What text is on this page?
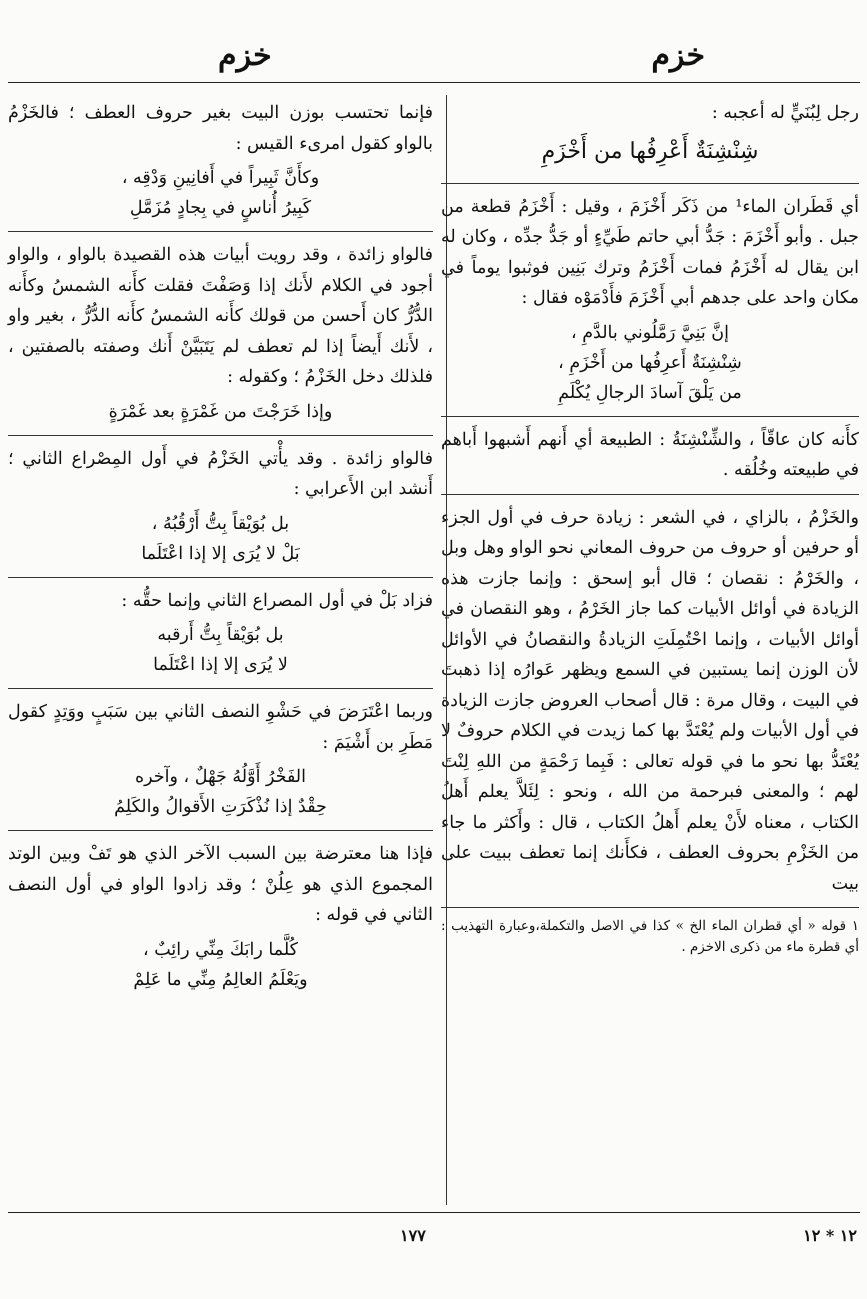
خزم
خزم

رجل لِبُنَيٍّ له أعجبه :

شِنْشِنَةٌ أَعْرِفُها من أَخْزَمِ

أي قَطَران الماء¹ من ذَكَر أَخْزَمَ ، وقيل : أَخْزَمُ قطعة من جبل . وأبو أَخْزَمَ : جَدُّ أبي حاتم طَيِّءٍ أو جَدُّ جدِّه ، وكان له ابن يقال له أَخْزَمُ فمات أَخْزَمُ وترك بَنِين فوثبوا يوماً في مكان واحد على جدهم أبي أَخْزَمَ فأَدْمَوْه فقال :

إنَّ بَنِيَّ رَمَّلُوني بالدَّمِ ،
شِنْشِنَةٌ أَعرِفُها من أَخْزَمِ ،
من يَلْقَ آسادَ الرجالِ يُكْلَمِ

كأَنه كان عاقّاً ، والشِّنْشِنَةُ : الطبيعة أي أَنهم أَشبهوا أَباهم في طبيعته وخُلُقه .

والخَزْمُ ، بالزاي ، في الشعر : زيادة حرف في أول الجزء أو حرفين أو حروف من حروف المعاني نحو الواو وهل وبل ، والخَرْمُ : نقصان ؛ قال أبو إسحق : وإنما جازت هذه الزيادة في أوائل الأبيات كما جاز الخَرْمُ ، وهو النقصان في أوائل الأبيات ، وإنما احْتُمِلَتِ الزيادةُ والنقصانُ في الأوائل لأن الوزن إنما يستبين في السمع ويظهر عَوارُه إذا ذهبتَ في البيت ، وقال مرة : قال أصحاب العروض جازت الزيادة في أول الأبيات ولم يُعْتَدَّ بها كما زيدت في الكلام حروفٌ لا يُعْتَدُّ بها نحو ما في قوله تعالى : فَبِما رَحْمَةٍ من اللهِ لِنْتَ لهم ؛ والمعنى فبرحمة من الله ، ونحو : لِئَلاَّ يعلم أَهلُ الكتاب ، معناه لأَنْ يعلم أَهلُ الكتاب ، قال : وأَكثر ما جاء من الخَزْمِ بحروف العطف ، فكأَنك إنما تعطف ببيت على بيت

١ قوله « أي قطران الماء الخ » كذا في الاصل والتكملة،وعبارة التهذيب : أي قطرة ماء من ذكرى الاخزم .

فإنما تحتسب بوزن البيت بغير حروف العطف ؛ فالخَزْمُ بالواو كقول امرىء القيس :

وكأَنَّ ثَبِيراً في أَفانِينِ وَدْقِه ،
كَبِيرُ أُناسٍ في بِجادٍ مُزَمَّلِ

فالواو زائدة ، وقد رويت أبيات هذه القصيدة بالواو ، والواو أجود في الكلام لأَنك إذا وَصَفْتَ فقلت كأَنه الشمسُ وكأَنه الدُّرُّ كان أَحسن من قولك كأَنه الشمسُ كأَنه الدُّرُّ ، بغير واو ، لأَنك أَيضاً إذا لم تعطف لم يَتَبَيَّنْ أَنك وصفته بالصفتين ، فلذلك دخل الخَزْمُ ؛ وكقوله :

وإذا خَرَجْتَ من غَمْرَةٍ بعد غَمْرَةٍ

فالواو زائدة . وقد يأْتي الخَزْمُ في أَول المِصْراع الثاني ؛ أَنشد ابن الأَعرابي :

بل بُوَيْقاً بِتُّ أَرْقُبُهُ ،
بَلْ لا يُرَى إلا إذا اعْتَلَما

فزاد بَلْ في أول المصراع الثاني وإنما حقُّه :

بل بُوَيْقاً بِتُّ أَرقبه
لا يُرَى إلا إذا اعْتَلَما

وربما اعْتَرَضَ في حَشْوِ النصف الثاني بين سَبَبٍ ووَتِدٍ كقول مَطَرِ بن أَشْيَمَ :

الفَخْرُ أَوَّلُهُ جَهْلٌ ، وآخره
حِقْدٌ إذا نُذْكَرَتِ الأَقوالُ والكَلِمُ

فإذا هنا معترضة بين السبب الآخر الذي هو تَفْ وبين الوتد المجموع الذي هو عِلُنْ ؛ وقد زادوا الواو في أول النصف الثاني في قوله :

كُلَّما رابَكَ مِنِّي رائِبٌ ،
ويَعْلَمُ العالِمُ مِنِّي ما عَلِمْ
١٧٧	١٢ * ١٢
